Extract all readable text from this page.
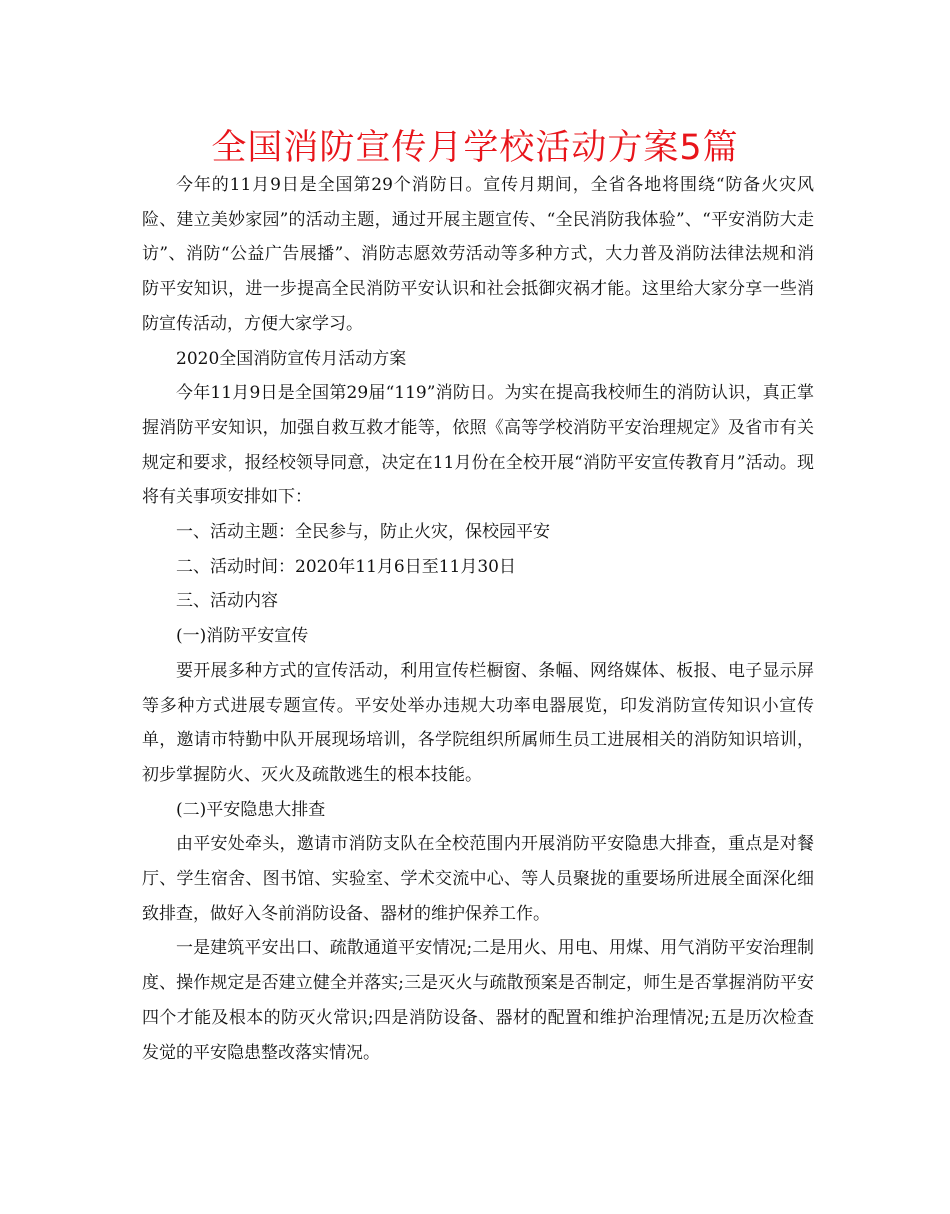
全国消防宣传月学校活动方案5篇

今年的11月9日是全国第29个消防日。宣传月期间，全省各地将围绕“防备火灾风险、建立美妙家园”的活动主题，通过开展主题宣传、“全民消防我体验”、“平安消防大走访”、消防“公益广告展播”、消防志愿效劳活动等多种方式，大力普及消防法律法规和消防平安知识，进一步提高全民消防平安认识和社会抵御灾祸才能。这里给大家分享一些消防宣传活动，方便大家学习。

2020全国消防宣传月活动方案

今年11月9日是全国第29届“119”消防日。为实在提高我校师生的消防认识，真正掌握消防平安知识，加强自救互救才能等，依照《高等学校消防平安治理规定》及省市有关规定和要求，报经校领导同意，决定在11月份在全校开展“消防平安宣传教育月”活动。现将有关事项安排如下：

一、活动主题：全民参与，防止火灾，保校园平安

二、活动时间：2020年11月6日至11月30日

三、活动内容

(一)消防平安宣传

要开展多种方式的宣传活动，利用宣传栏橱窗、条幅、网络媒体、板报、电子显示屏等多种方式进展专题宣传。平安处举办违规大功率电器展览，印发消防宣传知识小宣传单，邀请市特勤中队开展现场培训，各学院组织所属师生员工进展相关的消防知识培训，初步掌握防火、灭火及疏散逃生的根本技能。

(二)平安隐患大排查

由平安处牵头，邀请市消防支队在全校范围内开展消防平安隐患大排查，重点是对餐厅、学生宿舍、图书馆、实验室、学术交流中心、等人员聚拢的重要场所进展全面深化细致排查，做好入冬前消防设备、器材的维护保养工作。

一是建筑平安出口、疏散通道平安情况;二是用火、用电、用煤、用气消防平安治理制度、操作规定是否建立健全并落实;三是灭火与疏散预案是否制定，师生是否掌握消防平安四个才能及根本的防灭火常识;四是消防设备、器材的配置和维护治理情况;五是历次检查发觉的平安隐患整改落实情况。
